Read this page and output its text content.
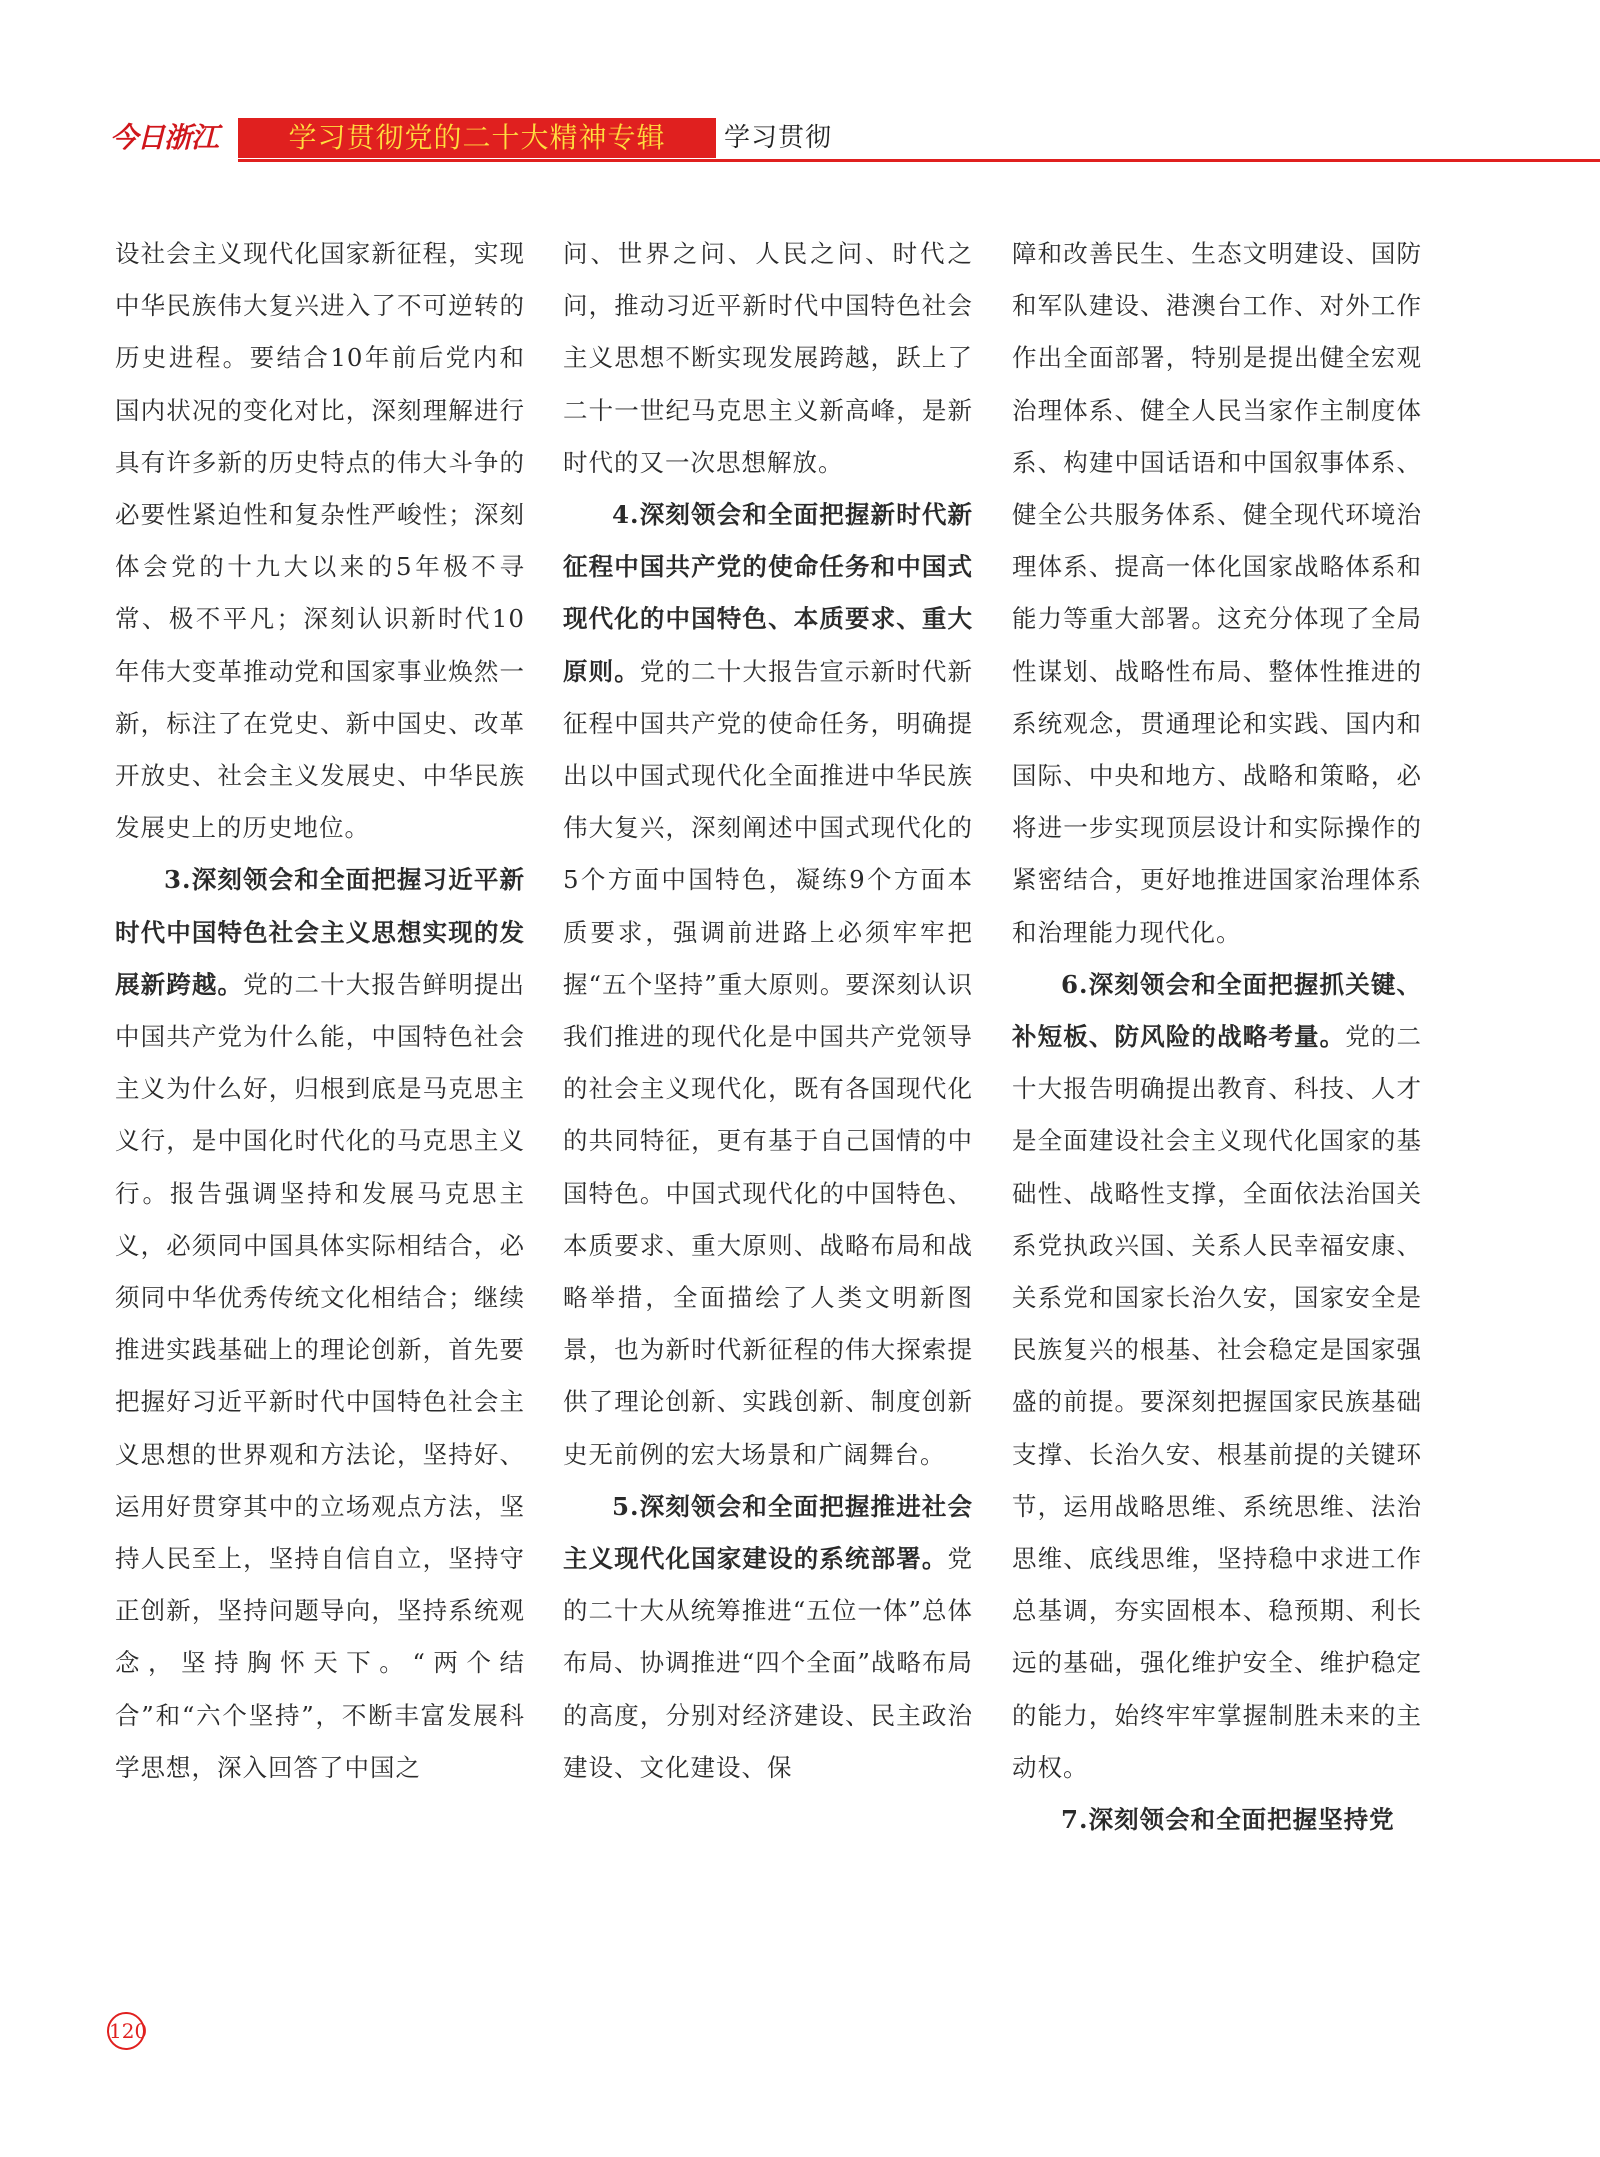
今日浙江	学习贯彻党的二十大精神专辑	学习贯彻

设社会主义现代化国家新征程，实现中华民族伟大复兴进入了不可逆转的历史进程。要结合10年前后党内和国内状况的变化对比，深刻理解进行具有许多新的历史特点的伟大斗争的必要性紧迫性和复杂性严峻性；深刻体会党的十九大以来的5年极不寻常、极不平凡；深刻认识新时代10年伟大变革推动党和国家事业焕然一新，标注了在党史、新中国史、改革开放史、社会主义发展史、中华民族发展史上的历史地位。

3.深刻领会和全面把握习近平新时代中国特色社会主义思想实现的发展新跨越。党的二十大报告鲜明提出中国共产党为什么能，中国特色社会主义为什么好，归根到底是马克思主义行，是中国化时代化的马克思主义行。报告强调坚持和发展马克思主义，必须同中国具体实际相结合，必须同中华优秀传统文化相结合；继续推进实践基础上的理论创新，首先要把握好习近平新时代中国特色社会主义思想的世界观和方法论，坚持好、运用好贯穿其中的立场观点方法，坚持人民至上，坚持自信自立，坚持守正创新，坚持问题导向，坚持系统观念，坚持胸怀天下。“两个结合”和“六个坚持”，不断丰富发展科学思想，深入回答了中国之

问、世界之问、人民之问、时代之问，推动习近平新时代中国特色社会主义思想不断实现发展跨越，跃上了二十一世纪马克思主义新高峰，是新时代的又一次思想解放。

4.深刻领会和全面把握新时代新征程中国共产党的使命任务和中国式现代化的中国特色、本质要求、重大原则。党的二十大报告宣示新时代新征程中国共产党的使命任务，明确提出以中国式现代化全面推进中华民族伟大复兴，深刻阐述中国式现代化的5个方面中国特色，凝练9个方面本质要求，强调前进路上必须牢牢把握“五个坚持”重大原则。要深刻认识我们推进的现代化是中国共产党领导的社会主义现代化，既有各国现代化的共同特征，更有基于自己国情的中国特色。中国式现代化的中国特色、本质要求、重大原则、战略布局和战略举措，全面描绘了人类文明新图景，也为新时代新征程的伟大探索提供了理论创新、实践创新、制度创新史无前例的宏大场景和广阔舞台。

5.深刻领会和全面把握推进社会主义现代化国家建设的系统部署。党的二十大从统筹推进“五位一体”总体布局、协调推进“四个全面”战略布局的高度，分别对经济建设、民主政治建设、文化建设、保

障和改善民生、生态文明建设、国防和军队建设、港澳台工作、对外工作作出全面部署，特别是提出健全宏观治理体系、健全人民当家作主制度体系、构建中国话语和中国叙事体系、健全公共服务体系、健全现代环境治理体系、提高一体化国家战略体系和能力等重大部署。这充分体现了全局性谋划、战略性布局、整体性推进的系统观念，贯通理论和实践、国内和国际、中央和地方、战略和策略，必将进一步实现顶层设计和实际操作的紧密结合，更好地推进国家治理体系和治理能力现代化。

6.深刻领会和全面把握抓关键、补短板、防风险的战略考量。党的二十大报告明确提出教育、科技、人才是全面建设社会主义现代化国家的基础性、战略性支撑，全面依法治国关系党执政兴国、关系人民幸福安康、关系党和国家长治久安，国家安全是民族复兴的根基、社会稳定是国家强盛的前提。要深刻把握国家民族基础支撑、长治久安、根基前提的关键环节，运用战略思维、系统思维、法治思维、底线思维，坚持稳中求进工作总基调，夯实固根本、稳预期、利长远的基础，强化维护安全、维护稳定的能力，始终牢牢掌握制胜未来的主动权。

7.深刻领会和全面把握坚持党

120
